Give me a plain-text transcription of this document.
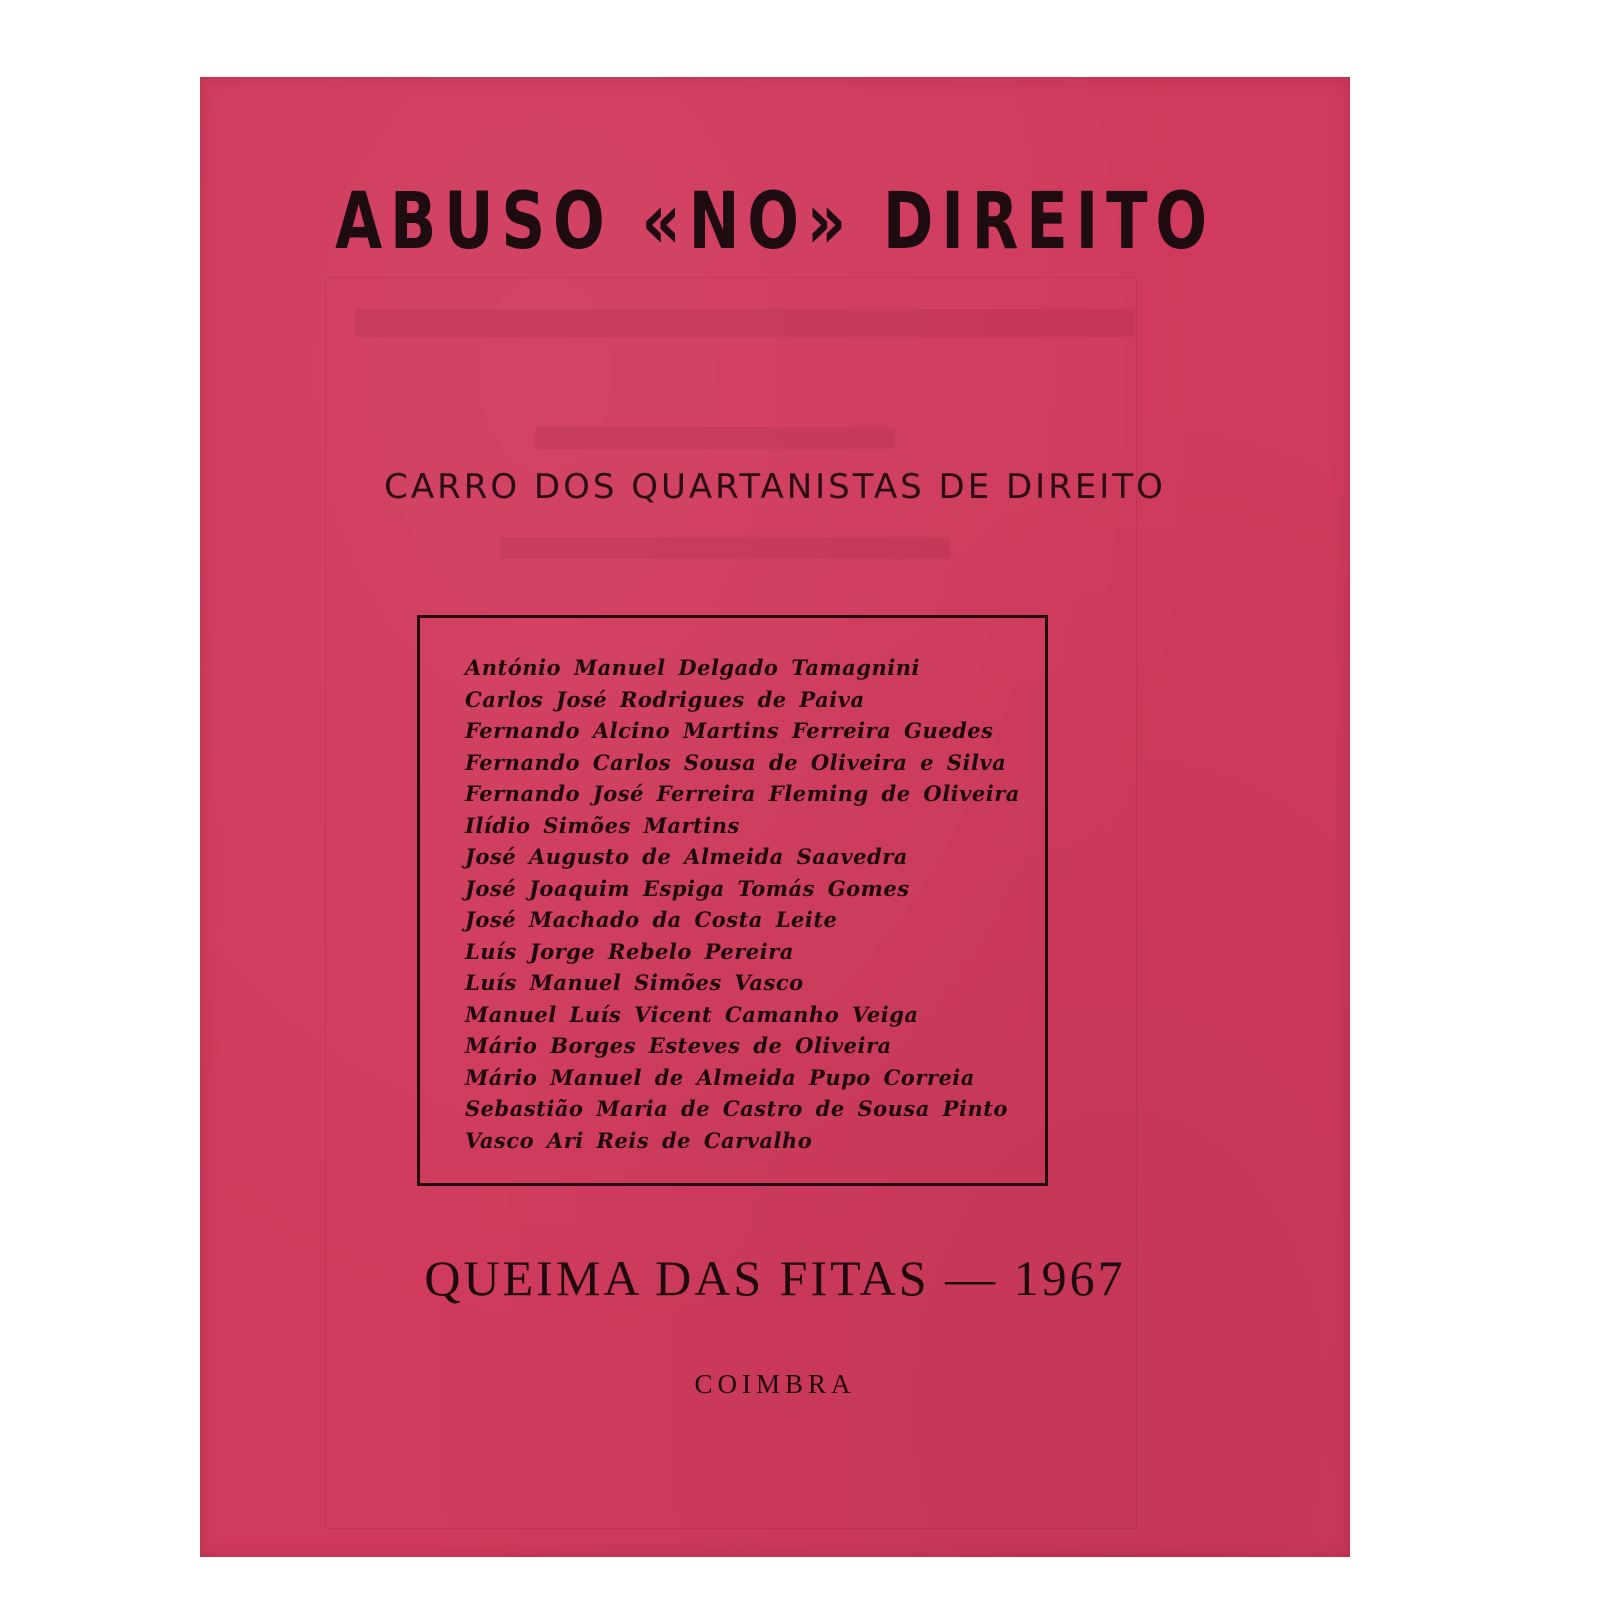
ABUSO «NO» DIREITO
CARRO DOS QUARTANISTAS DE DIREITO
António Manuel Delgado Tamagnini
Carlos José Rodrigues de Paiva
Fernando Alcino Martins Ferreira Guedes
Fernando Carlos Sousa de Oliveira e Silva
Fernando José Ferreira Fleming de Oliveira
Ilídio Simões Martins
José Augusto de Almeida Saavedra
José Joaquim Espiga Tomás Gomes
José Machado da Costa Leite
Luís Jorge Rebelo Pereira
Luís Manuel Simões Vasco
Manuel Luís Vicent Camanho Veiga
Mário Borges Esteves de Oliveira
Mário Manuel de Almeida Pupo Correia
Sebastião Maria de Castro de Sousa Pinto
Vasco Ari Reis de Carvalho
QUEIMA DAS FITAS — 1967
COIMBRA
